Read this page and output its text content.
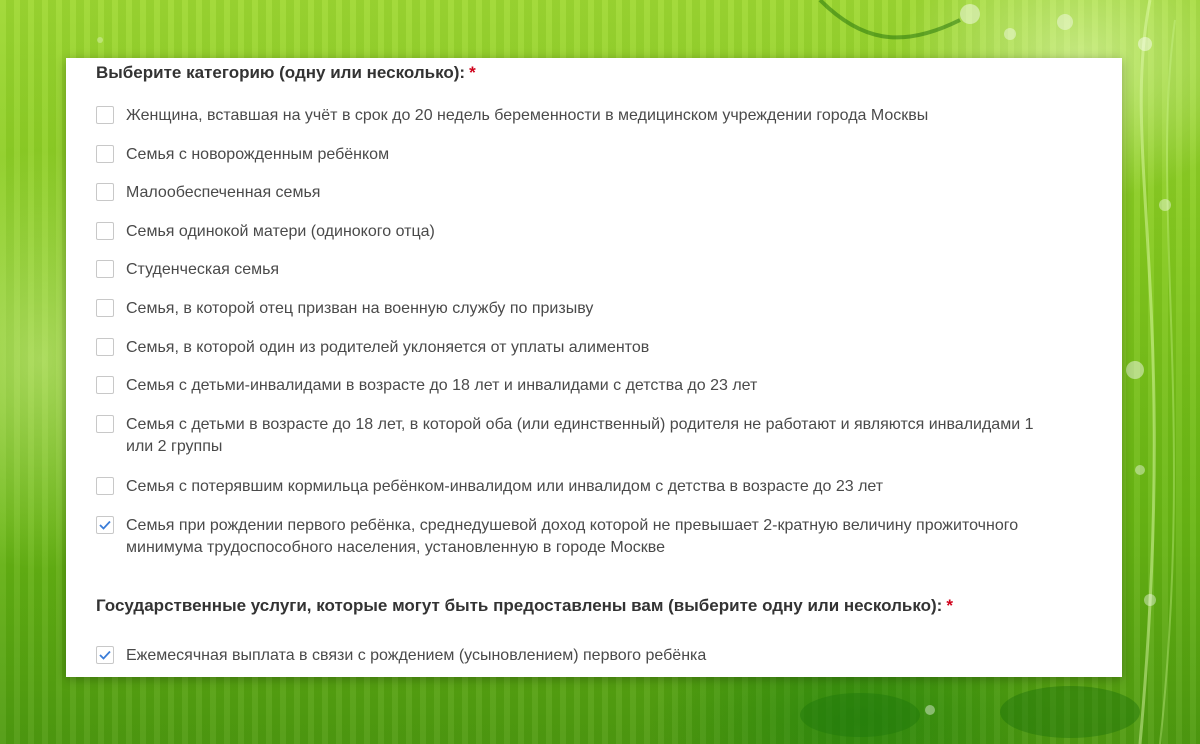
Выберите категорию (одну или несколько): *
Женщина, вставшая на учёт в срок до 20 недель беременности в медицинском учреждении города Москвы
Семья с новорожденным ребёнком
Малообеспеченная семья
Семья одинокой матери (одинокого отца)
Студенческая семья
Семья, в которой отец призван на военную службу по призыву
Семья, в которой один из родителей уклоняется от уплаты алиментов
Семья с детьми-инвалидами в возрасте до 18 лет и инвалидами с детства до 23 лет
Семья с детьми в возрасте до 18 лет, в которой оба (или единственный) родителя не работают и являются инвалидами 1 или 2 группы
Семья с потерявшим кормильца ребёнком-инвалидом или инвалидом с детства в возрасте до 23 лет
Семья при рождении первого ребёнка, среднедушевой доход которой не превышает 2-кратную величину прожиточного минимума трудоспособного населения, установленную в городе Москве
Государственные услуги, которые могут быть предоставлены вам (выберите одну или несколько): *
Ежемесячная выплата в связи с рождением (усыновлением) первого ребёнка
